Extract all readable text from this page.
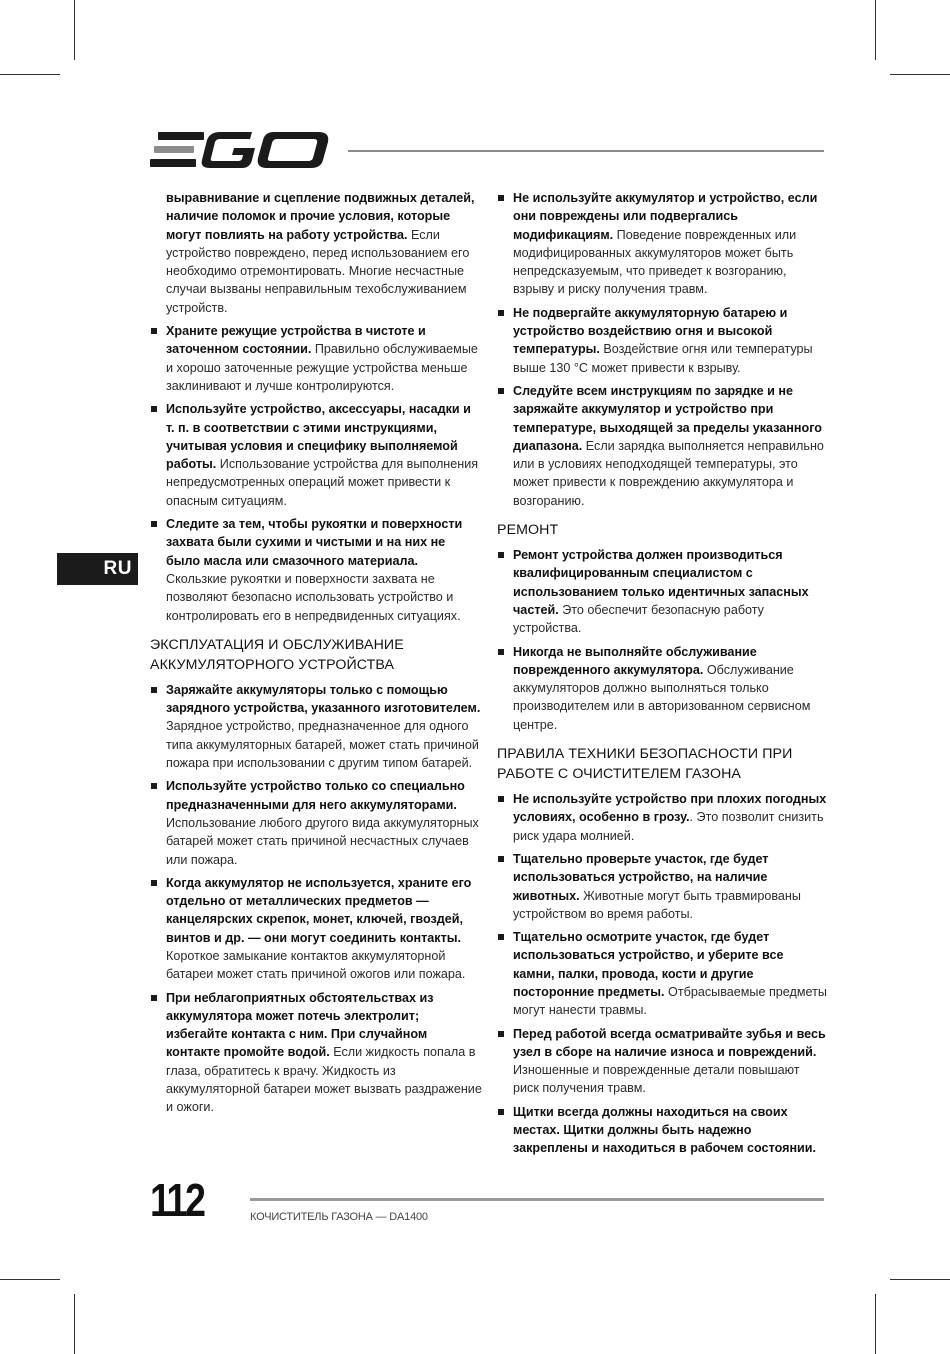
RU
выравнивание и сцепление подвижных деталей, наличие поломок и прочие условия, которые могут повлиять на работу устройства. Если устройство повреждено, перед использованием его необходимо отремонтировать. Многие несчастные случаи вызваны неправильным техобслуживанием устройств.
Храните режущие устройства в чистоте и заточенном состоянии. Правильно обслуживаемые и хорошо заточенные режущие устройства меньше заклинивают и лучше контролируются.
Используйте устройство, аксессуары, насадки и т. п. в соответствии с этими инструкциями, учитывая условия и специфику выполняемой работы. Использование устройства для выполнения непредусмотренных операций может привести к опасным ситуациям.
Следите за тем, чтобы рукоятки и поверхности захвата были сухими и чистыми и на них не было масла или смазочного материала. Скользкие рукоятки и поверхности захвата не позволяют безопасно использовать устройство и контролировать его в непредвиденных ситуациях.
ЭКСПЛУАТАЦИЯ И ОБСЛУЖИВАНИЕ АККУМУЛЯТОРНОГО УСТРОЙСТВА
Заряжайте аккумуляторы только с помощью зарядного устройства, указанного изготовителем. Зарядное устройство, предназначенное для одного типа аккумуляторных батарей, может стать причиной пожара при использовании с другим типом батарей.
Используйте устройство только со специально предназначенными для него аккумуляторами. Использование любого другого вида аккумуляторных батарей может стать причиной несчастных случаев или пожара.
Когда аккумулятор не используется, храните его отдельно от металлических предметов — канцелярских скрепок, монет, ключей, гвоздей, винтов и др. — они могут соединить контакты. Короткое замыкание контактов аккумуляторной батареи может стать причиной ожогов или пожара.
При неблагоприятных обстоятельствах из аккумулятора может потечь электролит; избегайте контакта с ним. При случайном контакте промойте водой. Если жидкость попала в глаза, обратитесь к врачу. Жидкость из аккумуляторной батареи может вызвать раздражение и ожоги.
Не используйте аккумулятор и устройство, если они повреждены или подвергались модификациям. Поведение поврежденных или модифицированных аккумуляторов может быть непредсказуемым, что приведет к возгоранию, взрыву и риску получения травм.
Не подвергайте аккумуляторную батарею и устройство воздействию огня и высокой температуры. Воздействие огня или температуры выше 130 °C может привести к взрыву.
Следуйте всем инструкциям по зарядке и не заряжайте аккумулятор и устройство при температуре, выходящей за пределы указанного диапазона. Если зарядка выполняется неправильно или в условиях неподходящей температуры, это может привести к повреждению аккумулятора и возгоранию.
РЕМОНТ
Ремонт устройства должен производиться квалифицированным специалистом с использованием только идентичных запасных частей. Это обеспечит безопасную работу устройства.
Никогда не выполняйте обслуживание поврежденного аккумулятора. Обслуживание аккумуляторов должно выполняться только производителем или в авторизованном сервисном центре.
ПРАВИЛА ТЕХНИКИ БЕЗОПАСНОСТИ ПРИ РАБОТЕ С ОЧИСТИТЕЛЕМ ГАЗОНА
Не используйте устройство при плохих погодных условиях, особенно в грозу.. Это позволит снизить риск удара молнией.
Тщательно проверьте участок, где будет использоваться устройство, на наличие животных. Животные могут быть травмированы устройством во время работы.
Тщательно осмотрите участок, где будет использоваться устройство, и уберите все камни, палки, провода, кости и другие посторонние предметы. Отбрасываемые предметы могут нанести травмы.
Перед работой всегда осматривайте зубья и весь узел в сборе на наличие износа и повреждений. Изношенные и поврежденные детали повышают риск получения травм.
Щитки всегда должны находиться на своих местах. Щитки должны быть надежно закреплены и находиться в рабочем состоянии.
112	КОЧИСТИТЕЛЬ ГАЗОНА — DA1400
